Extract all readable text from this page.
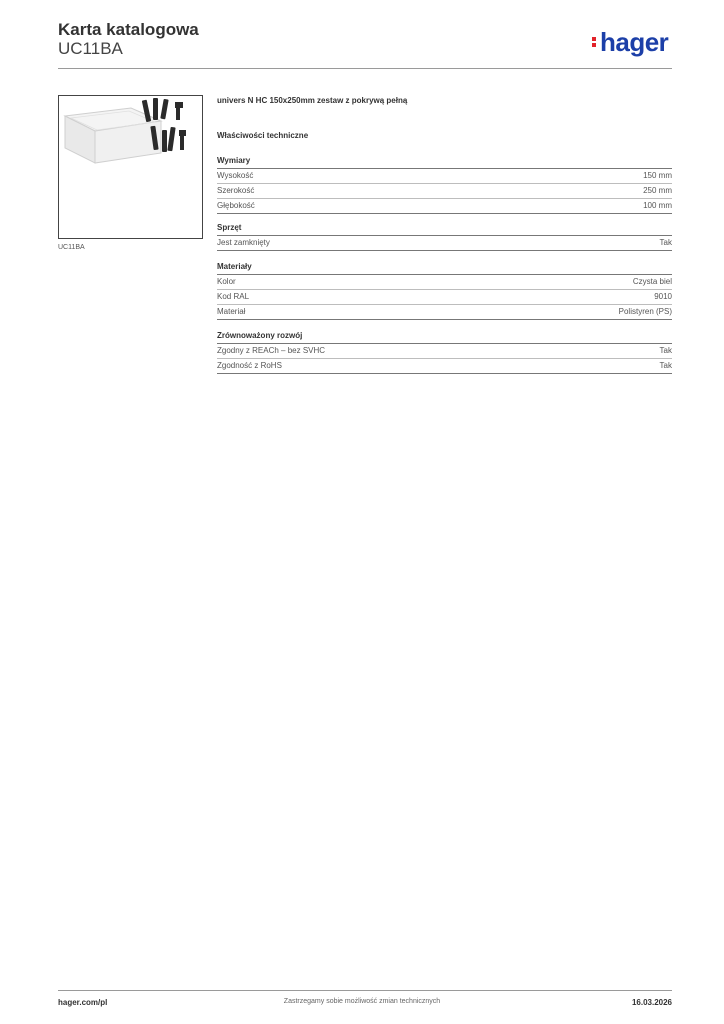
Karta katalogowa
UC11BA	hager
UC11BA
univers N HC 150x250mm zestaw z pokrywą pełną
Właściwości techniczne
Wymiary
Wysokość	150 mm
Szerokość	250 mm
Głębokość	100 mm
Sprzęt
Jest zamknięty	Tak
Materiały
Kolor	Czysta biel
Kod RAL	9010
Materiał	Polistyren (PS)
Zrównoważony rozwój
Zgodny z REACh – bez SVHC	Tak
Zgodność z RoHS	Tak
hager.com/pl	Zastrzegamy sobie możliwość zmian technicznych	16.03.2026
